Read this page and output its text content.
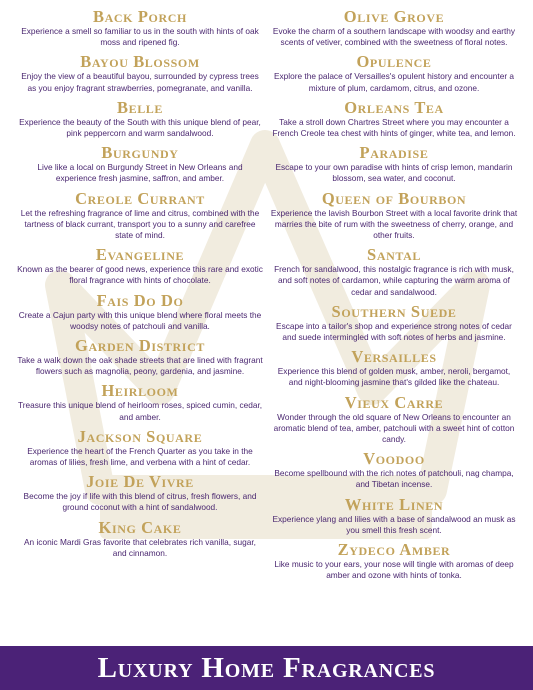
Back Porch
Experience a smell so familiar to us in the south with hints of oak moss and ripened fig.
Bayou Blossom
Enjoy the view of a beautiful bayou, surrounded by cypress trees as you enjoy fragrant strawberries, pomegranate, and vanilla.
Belle
Experience the beauty of the South with this unique blend of pear, pink peppercorn and warm sandalwood.
Burgundy
Live like a local on Burgundy Street in New Orleans and experience fresh jasmine, saffron, and amber.
Creole Currant
Let the refreshing fragrance of lime and citrus, combined with the tartness of black currant, transport you to a sunny and carefree state of mind.
Evangeline
Known as the bearer of good news, experience this rare and exotic floral fragrance with hints of chocolate.
Fais Do Do
Create a Cajun party with this unique blend where floral meets the woodsy notes of patchouli and vanilla.
Garden District
Take a walk down the oak shade streets that are lined with fragrant flowers such as magnolia, peony, gardenia, and jasmine.
Heirloom
Treasure this unique blend of heirloom roses, spiced cumin, cedar, and amber.
Jackson Square
Experience the heart of the French Quarter as you take in the aromas of lilies, fresh lime, and verbena with a hint of cedar.
Joie De Vivre
Become the joy if life with this blend of citrus, fresh flowers, and ground coconut with a hint of sandalwood.
King Cake
An iconic Mardi Gras favorite that celebrates rich vanilla, sugar, and cinnamon.
Olive Grove
Evoke the charm of a southern landscape with woodsy and earthy scents of vetiver, combined with the sweetness of floral notes.
Opulence
Explore the palace of Versailles's opulent history and encounter a mixture of plum, cardamom, citrus, and ozone.
Orleans Tea
Take a stroll down Chartres Street where you may encounter a French Creole tea chest with hints of ginger, white tea, and lemon.
Paradise
Escape to your own paradise with hints of crisp lemon, mandarin blossom, sea water, and coconut.
Queen of Bourbon
Experience the lavish Bourbon Street with a local favorite drink that marries the bite of rum with the sweetness of cherry, orange, and other fruits.
Santal
French for sandalwood, this nostalgic fragrance is rich with musk, and soft notes of cardamon, while capturing the warm aroma of cedar and sandalwood.
Southern Suede
Escape into a tailor's shop and experience strong notes of cedar and suede intermingled with soft notes of herbs and jasmine.
Versailles
Experience this blend of golden musk, amber, neroli, bergamot, and night-blooming jasmine that's gilded like the chateau.
Vieux Carre
Wonder through the old square of New Orleans to encounter an aromatic blend of tea, amber, patchouli with a sweet hint of cotton candy.
Voodoo
Become spellbound with the rich notes of patchouli, nag champa, and Tibetan incense.
White Linen
Experience ylang and lilies with a base of sandalwood an musk as you smell this fresh scent.
Zydeco Amber
Like music to your ears, your nose will tingle with aromas of deep amber and ozone with hints of tonka.
Luxury Home Fragrances
